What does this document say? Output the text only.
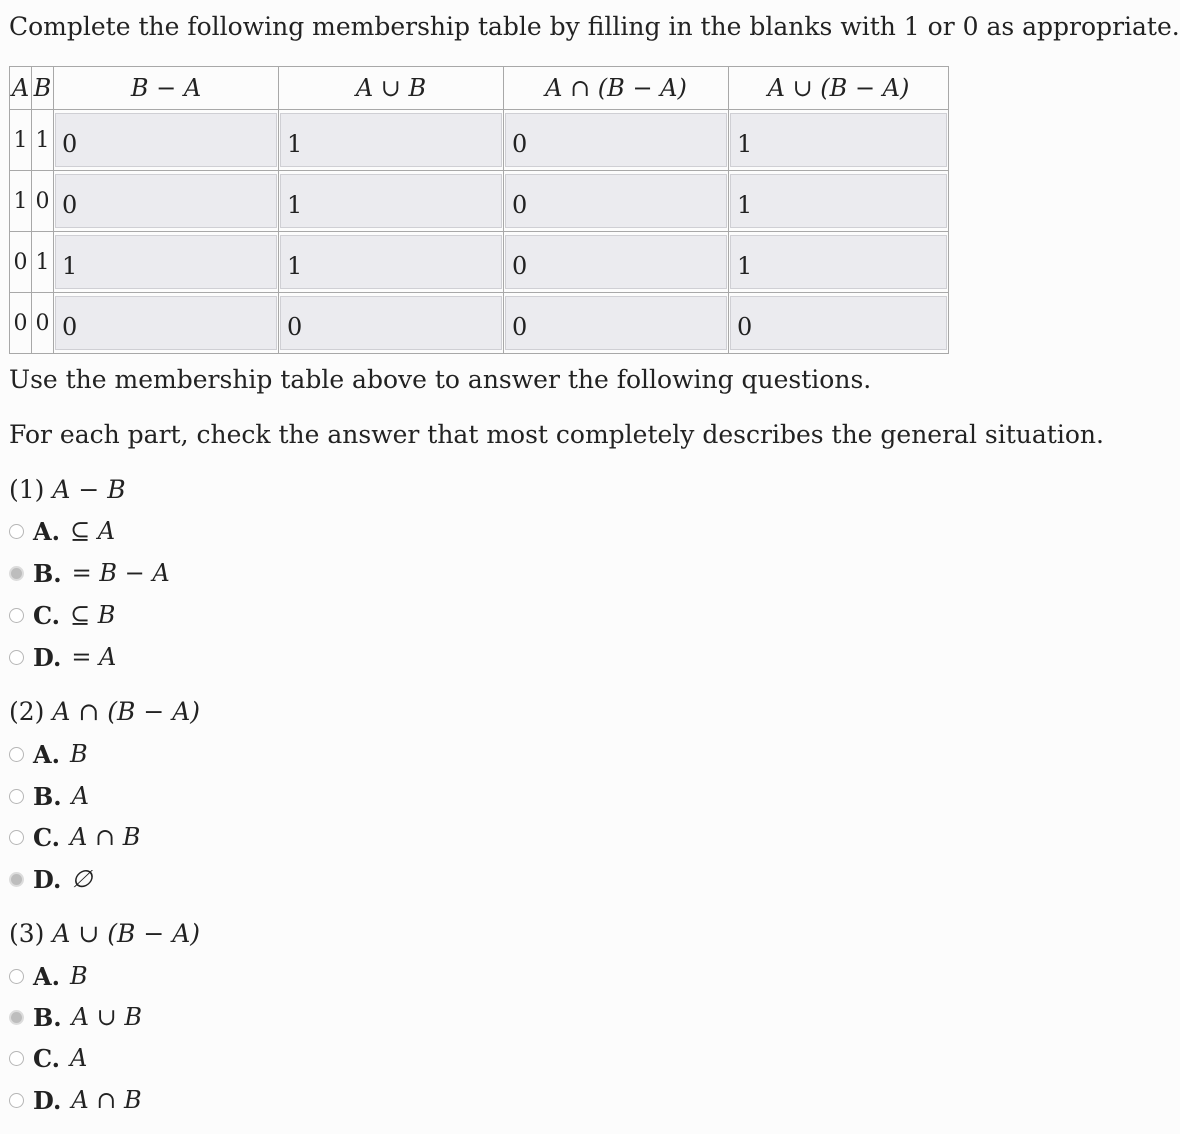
Complete the following membership table by filling in the blanks with 1 or 0 as appropriate.
A	B	B − A	A ∪ B	A ∩ (B − A)	A ∪ (B − A)
1	1	0	1	0	1

1	0	0	1	0	1

0	1	1	1	0	1

0	0	0	0	0	0
Use the membership table above to answer the following questions.
For each part, check the answer that most completely describes the general situation.
(1) A − B
A. ⊆ A
B. = B − A
C. ⊆ B
D. = A
(2) A ∩ (B − A)
A. B
B. A
C. A ∩ B
D. ∅
(3) A ∪ (B − A)
A. B
B. A ∪ B
C. A
D. A ∩ B
